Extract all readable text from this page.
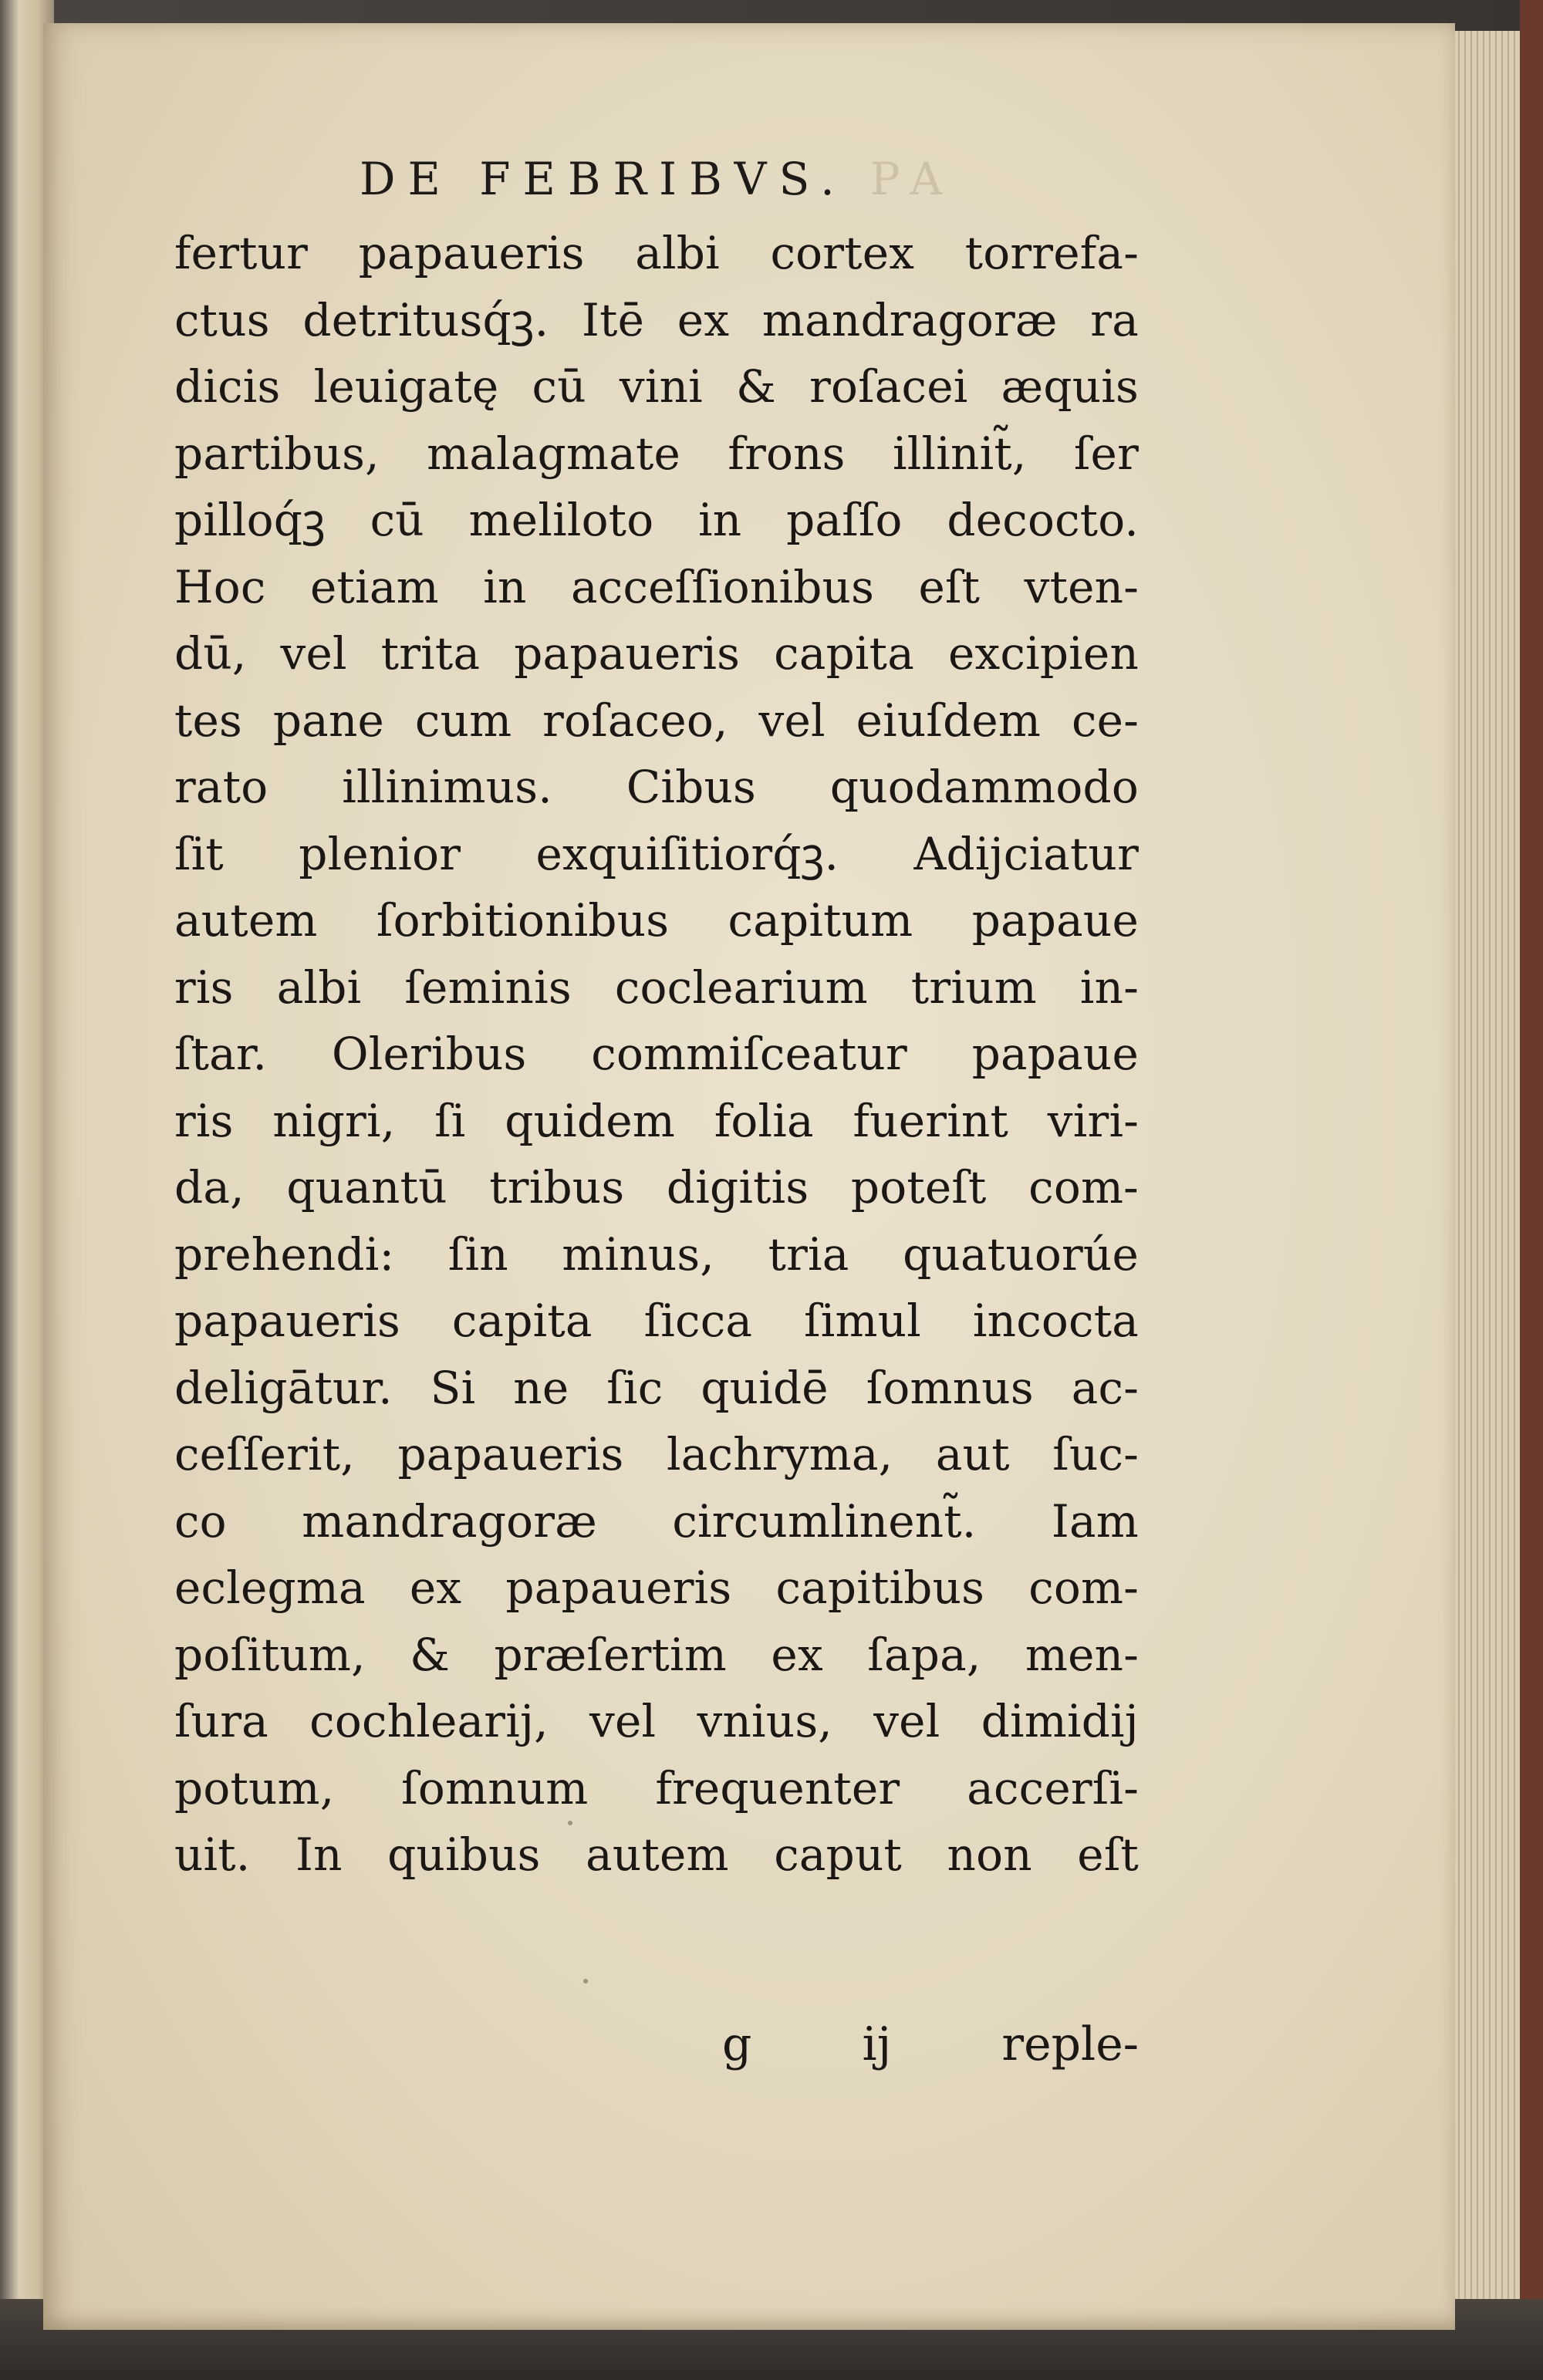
DE FEBRIBVS. PA
fertur papaueris albi cortex torrefa-
ctus detritusq́ꝫ. Itē ex mandragoræ ra
dicis leuigatę cū vini & roſacei æquis
partibus, malagmate frons illinit̃, ſer
pilloq́ꝫ cū meliloto in paſſo decocto.
Hoc etiam in acceſſionibus eſt vten-
dū, vel trita papaueris capita excipien
tes pane cum roſaceo, vel eiuſdem ce-
rato illinimus. Cibus quodammodo
ſit plenior exquiſitiorq́ꝫ. Adijciatur
autem ſorbitionibus capitum papaue
ris albi ſeminis coclearium trium in-
ſtar. Oleribus commiſceatur papaue
ris nigri, ſi quidem folia fuerint viri-
da, quantū tribus digitis poteſt com-
prehendi: ſin minus, tria quatuorúe
papaueris capita ſicca ſimul incocta
deligātur. Si ne ſic quidē ſomnus ac-
ceſſerit, papaueris lachryma, aut ſuc-
co mandragoræ circumlinent̃. Iam
eclegma ex papaueris capitibus com-
poſitum, & præſertim ex ſapa, men-
ſura cochlearij, vel vnius, vel dimidij
potum, ſomnum frequenter accerſi-
uit. In quibus autem caput non eſt
g ij reple-
